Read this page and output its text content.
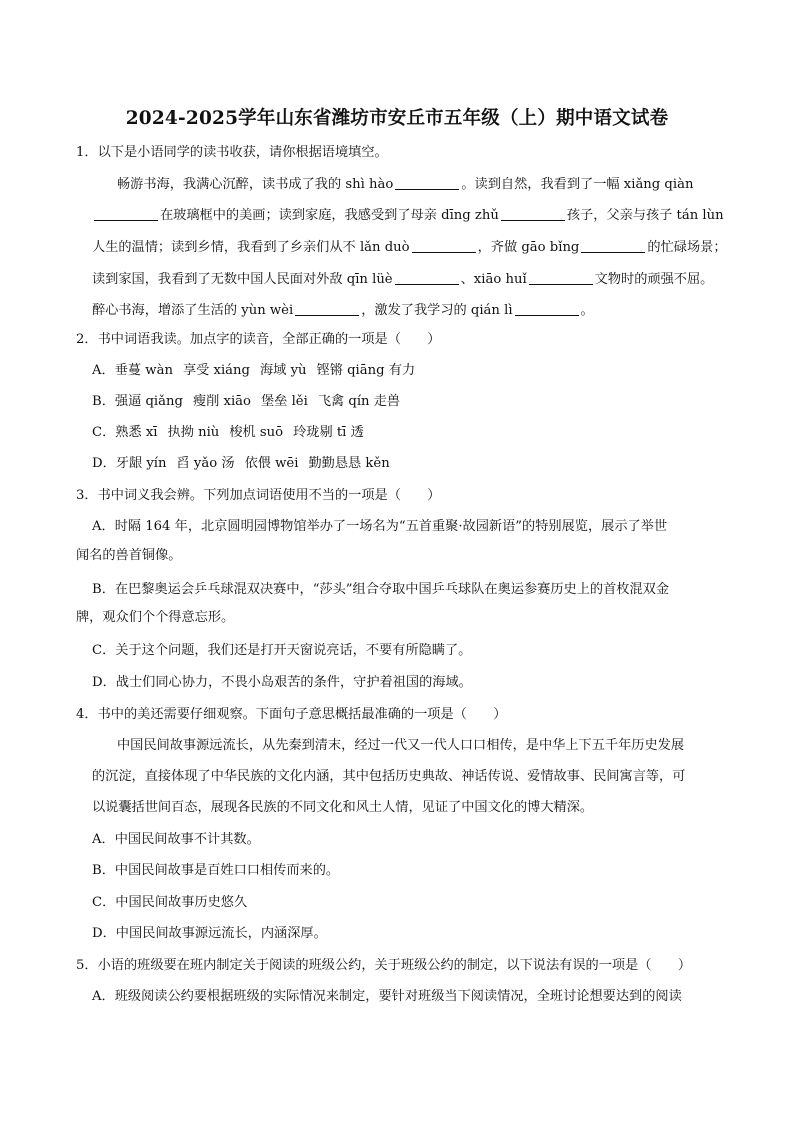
2024-2025学年山东省潍坊市安丘市五年级（上）期中语文试卷
1．以下是小语同学的读书收获，请你根据语境填空。
畅游书海，我满心沉醉，读书成了我的 shì hào	。读到自然，我看到了一幅 xiǎng qiàn
在玻璃框中的美画；读到家庭，我感受到了母亲 dīng zhǔ	孩子，父亲与孩子 tán lùn
人生的温情；读到乡情，我看到了乡亲们从不 lǎn duò	，齐做 gāo bǐng	的忙碌场景；
读到家国，我看到了无数中国人民面对外敌 qīn lüè	、xiāo huǐ	文物时的顽强不屈。
醉心书海，增添了生活的 yùn wèi	，激发了我学习的 qián lì	。
2．书中词语我读。加点字的读音，全部正确的一项是（　　）
A．垂蔓 wàn 享受 xiáng 海域 yù 铿锵 qiāng 有力
B．强逼 qiǎng 瘦削 xiāo 堡垒 lěi 飞禽 qín 走兽
C．熟悉 xī 执拗 niù 梭机 suō 玲珑剔 tī 透
D．牙龈 yín 舀 yǎo 汤 依偎 wēi 勤勤恳恳 kěn
3．书中词义我会辨。下列加点词语使用不当的一项是（　　）
A．时隔 164 年，北京圆明园博物馆举办了一场名为“五首重聚·故园新语”的特别展览，展示了举世
闻名的兽首铜像。
B．在巴黎奥运会乒乓球混双决赛中，“莎头”组合夺取中国乒乓球队在奥运参赛历史上的首枚混双金
牌，观众们个个得意忘形。
C．关于这个问题，我们还是打开天窗说亮话，不要有所隐瞒了。
D．战士们同心协力，不畏小岛艰苦的条件，守护着祖国的海域。
4．书中的美还需要仔细观察。下面句子意思概括最准确的一项是（　　）
中国民间故事源远流长，从先秦到清末，经过一代又一代人口口相传，是中华上下五千年历史发展
的沉淀，直接体现了中华民族的文化内涵，其中包括历史典故、神话传说、爱情故事、民间寓言等，可
以说囊括世间百态，展现各民族的不同文化和风土人情，见证了中国文化的博大精深。
A．中国民间故事不计其数。
B．中国民间故事是百姓口口相传而来的。
C．中国民间故事历史悠久
D．中国民间故事源远流长，内涵深厚。
5．小语的班级要在班内制定关于阅读的班级公约，关于班级公约的制定，以下说法有误的一项是（　　）
A．班级阅读公约要根据班级的实际情况来制定，要针对班级当下阅读情况，全班讨论想要达到的阅读
